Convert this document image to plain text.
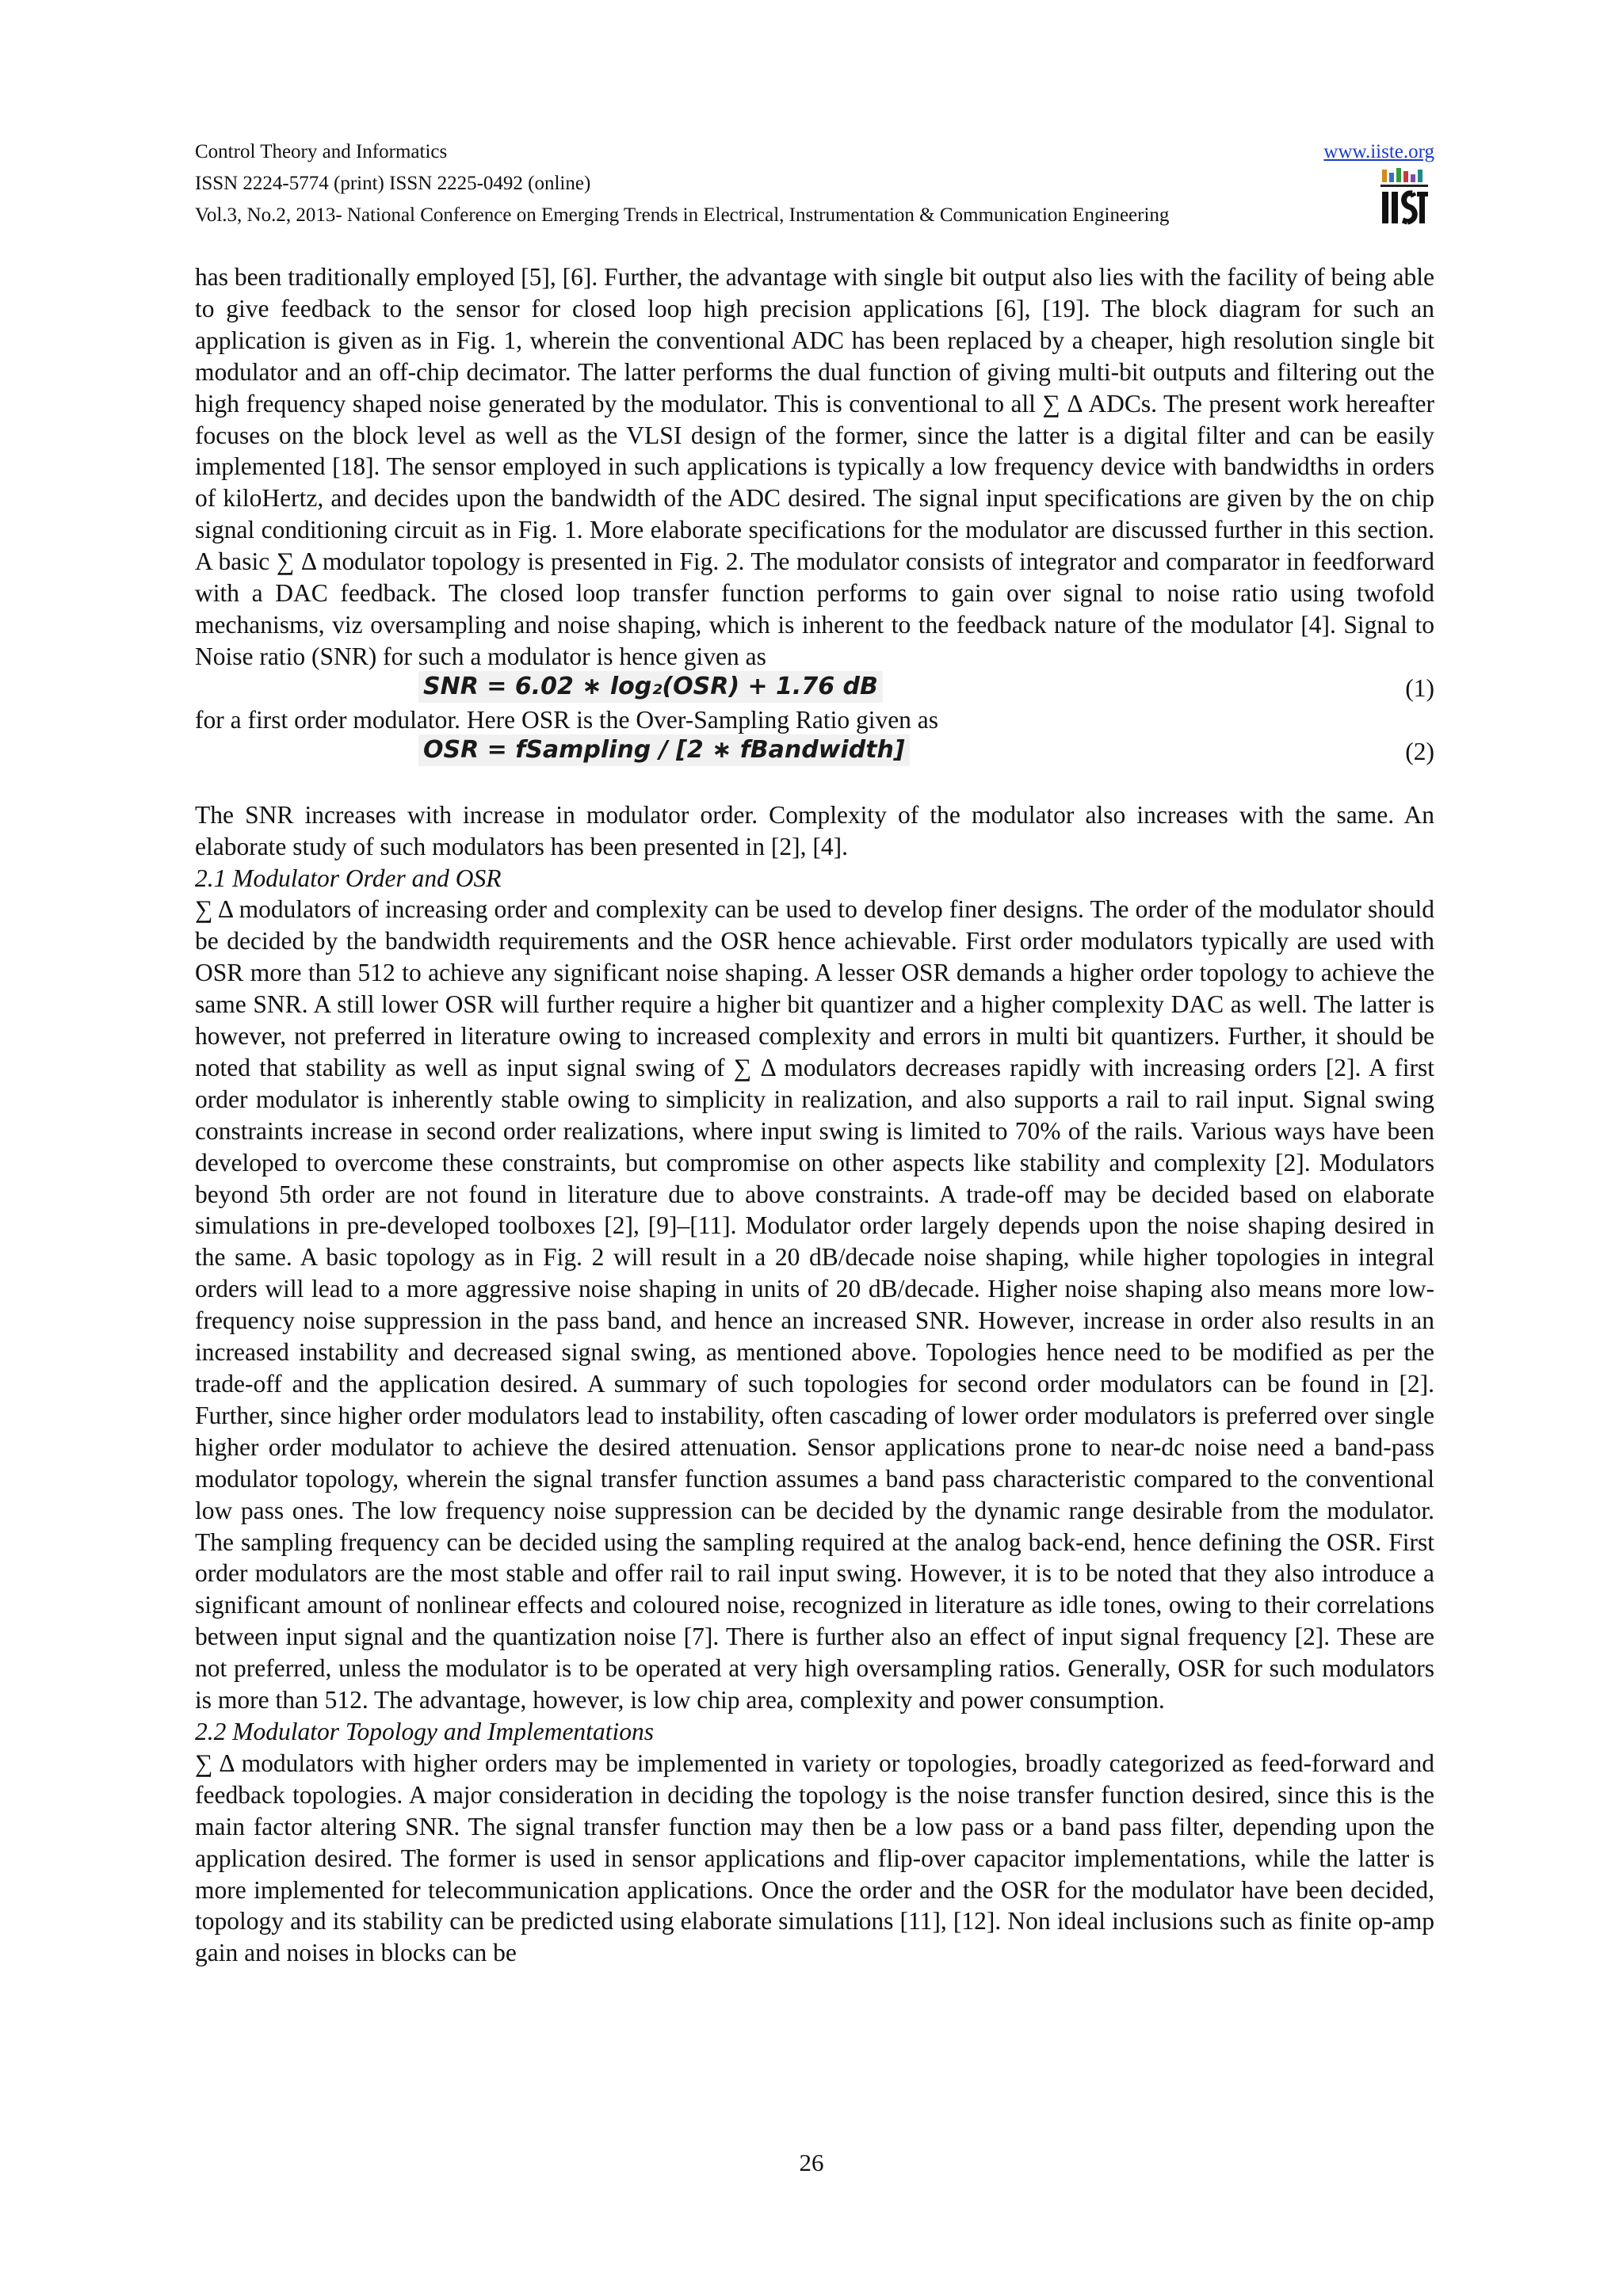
Control Theory and Informatics
ISSN 2224-5774 (print) ISSN 2225-0492 (online)
Vol.3, No.2, 2013- National Conference on Emerging Trends in Electrical, Instrumentation & Communication Engineering
www.iiste.org

has been traditionally employed [5], [6]. Further, the advantage with single bit output also lies with the facility of being able to give feedback to the sensor for closed loop high precision applications [6], [19]. The block diagram for such an application is given as in Fig. 1, wherein the conventional ADC has been replaced by a cheaper, high resolution single bit modulator and an off-chip decimator. The latter performs the dual function of giving multi-bit outputs and filtering out the high frequency shaped noise generated by the modulator. This is conventional to all ∑ Δ ADCs. The present work hereafter focuses on the block level as well as the VLSI design of the former, since the latter is a digital filter and can be easily implemented [18]. The sensor employed in such applications is typically a low frequency device with bandwidths in orders of kiloHertz, and decides upon the bandwidth of the ADC desired. The signal input specifications are given by the on chip signal conditioning circuit as in Fig. 1. More elaborate specifications for the modulator are discussed further in this section. A basic ∑ Δ modulator topology is presented in Fig. 2. The modulator consists of integrator and comparator in feedforward with a DAC feedback. The closed loop transfer function performs to gain over signal to noise ratio using twofold mechanisms, viz oversampling and noise shaping, which is inherent to the feedback nature of the modulator [4]. Signal to Noise ratio (SNR) for such a modulator is hence given as

SNR = 6.02 ∗ log₂(OSR) + 1.76 dB	(1)

for a first order modulator. Here OSR is the Over-Sampling Ratio given as

OSR = fSampling / [2 ∗ fBandwidth]	(2)

The SNR increases with increase in modulator order. Complexity of the modulator also increases with the same. An elaborate study of such modulators has been presented in [2], [4].

2.1 Modulator Order and OSR

∑ Δ modulators of increasing order and complexity can be used to develop finer designs. The order of the modulator should be decided by the bandwidth requirements and the OSR hence achievable. First order modulators typically are used with OSR more than 512 to achieve any significant noise shaping. A lesser OSR demands a higher order topology to achieve the same SNR. A still lower OSR will further require a higher bit quantizer and a higher complexity DAC as well. The latter is however, not preferred in literature owing to increased complexity and errors in multi bit quantizers. Further, it should be noted that stability as well as input signal swing of ∑ Δ modulators decreases rapidly with increasing orders [2]. A first order modulator is inherently stable owing to simplicity in realization, and also supports a rail to rail input. Signal swing constraints increase in second order realizations, where input swing is limited to 70% of the rails. Various ways have been developed to overcome these constraints, but compromise on other aspects like stability and complexity [2]. Modulators beyond 5th order are not found in literature due to above constraints. A trade-off may be decided based on elaborate simulations in pre-developed toolboxes [2], [9]–[11]. Modulator order largely depends upon the noise shaping desired in the same. A basic topology as in Fig. 2 will result in a 20 dB/decade noise shaping, while higher topologies in integral orders will lead to a more aggressive noise shaping in units of 20 dB/decade. Higher noise shaping also means more low-frequency noise suppression in the pass band, and hence an increased SNR. However, increase in order also results in an increased instability and decreased signal swing, as mentioned above. Topologies hence need to be modified as per the trade-off and the application desired. A summary of such topologies for second order modulators can be found in [2]. Further, since higher order modulators lead to instability, often cascading of lower order modulators is preferred over single higher order modulator to achieve the desired attenuation. Sensor applications prone to near-dc noise need a band-pass modulator topology, wherein the signal transfer function assumes a band pass characteristic compared to the conventional low pass ones. The low frequency noise suppression can be decided by the dynamic range desirable from the modulator. The sampling frequency can be decided using the sampling required at the analog back-end, hence defining the OSR. First order modulators are the most stable and offer rail to rail input swing. However, it is to be noted that they also introduce a significant amount of nonlinear effects and coloured noise, recognized in literature as idle tones, owing to their correlations between input signal and the quantization noise [7]. There is further also an effect of input signal frequency [2]. These are not preferred, unless the modulator is to be operated at very high oversampling ratios. Generally, OSR for such modulators is more than 512. The advantage, however, is low chip area, complexity and power consumption.

2.2 Modulator Topology and Implementations

∑ Δ modulators with higher orders may be implemented in variety or topologies, broadly categorized as feed-forward and feedback topologies. A major consideration in deciding the topology is the noise transfer function desired, since this is the main factor altering SNR. The signal transfer function may then be a low pass or a band pass filter, depending upon the application desired. The former is used in sensor applications and flip-over capacitor implementations, while the latter is more implemented for telecommunication applications. Once the order and the OSR for the modulator have been decided, topology and its stability can be predicted using elaborate simulations [11], [12]. Non ideal inclusions such as finite op-amp gain and noises in blocks can be

26
